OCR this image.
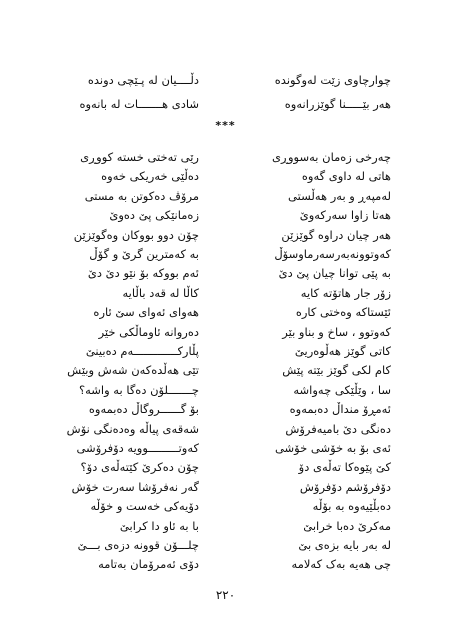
چوارچاوی زێت لەوگوندە
دڵــــیان لە پـێچی دوندە
هەر بێـــــنا گوێزرانەوە
شادی هـــــــات لە بانەوە
چەرخی زەمان بەسووڕی
رێی تەختی خستە کووڕی
هاتی لە داوی گەوە
دەڵێی خەریکی خەوە
لەمپەڕ و بەر هەڵستی
مرۆڤ دەکوتن بە مستی
هەتا زاوا سەرکەوێ
زەمانێکی پێ دەوێ
هەر چیان دراوە گوێزێن
چۆن دوو بووکان وەگوێزێن
کەوتوونەبەرسەرماوسۆڵ
بە کەمترین گرێ و گۆڵ
بە پێی توانا چیان پێ دێ
ئەم بووکە بۆ نێو دێ دێ
زۆر جار هاتۆتە کایە
کاڵا لە قەد باڵایە
ئێستاکە وەختی کارە
هەوای ئەوای سێ ئارە
کەوتوو ، ساخ و بناو بێر
دەروانە ئاوماڵکی خێر
کاتی گوێز هەڵوەریێ
پڵارکـــــــــــــەم دەبینێ
کام لکی گوێز بێتە پێش
تێی هەڵدەکەن شەش وبێش
سا ، وێڵێکی چەواشە
چـــــــلۆن دەگا بە واشە؟
ئەمڕۆ منداڵ دەبمەوە
بۆ گــــــروگاڵ دەبمەوە
دەنگی دێ بامیەفرۆش
شەقەی پیاڵە وەدەنگی نۆش
ئەی بۆ بە خۆشی خۆشی
کەوتـــــــــوویە دۆفرۆشی
کێ پێوەکا تەڵەی دۆ
چۆن دەکرێ کێتەڵەی دۆ؟
دۆفرۆشم دۆفرۆش
گەر نەفرۆشا سەرت خۆش
دەبڵێیەوە بە بۆڵە
دۆیەکی خەست و خۆڵە
مەکرێ دەبا خرابێ
با بە ئاو دا کرابێ
لە بەر بایە بزەی بێ
چلـــۆن قوونە دزەی بـــێ
چی هەیە بەک کەلامە
دۆی ئەمرۆمان بەتامە
***
٢٢٠
